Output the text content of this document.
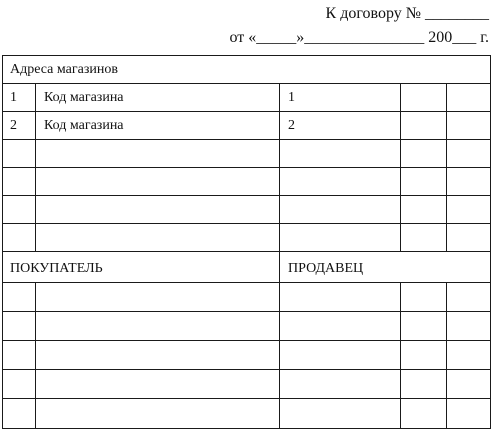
К договору № ________
от «_____»_______________ 200___ г.
Адреса магазинов
1 Код магазина	1
2 Код магазина	2
ПОКУПАТЕЛЬ	ПРОДАВЕЦ
